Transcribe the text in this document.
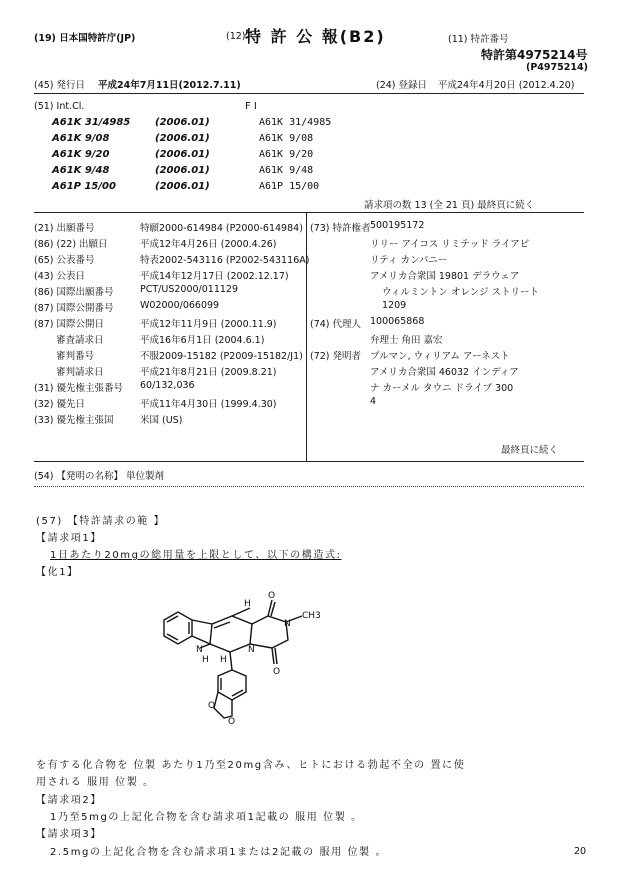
(19) 日本国特許庁(JP)	(12) 特 許 公 報(B2)	(11) 特許番号
特許第4975214号
(P4975214)
(45) 発行日 平成24年7月11日(2012.7.11)	(24) 登録日 平成24年4月20日 (2012.4.20)
(51) Int.Cl.	F I
A61K 31/4985 (2006.01)	A61K 31/4985
A61K 9/08	(2006.01)	A61K 9/08
A61K 9/20	(2006.01)	A61K 9/20
A61K 9/48	(2006.01)	A61K 9/48
A61P 15/00	(2006.01)	A61P 15/00
請求項の数 13 (全 21 頁) 最終頁に続く
(21) 出願番号	特願2000-614984 (P2000-614984)
(86) (22) 出願日	平成12年4月26日 (2000.4.26)
(65) 公表番号	特表2002-543116 (P2002-543116A)
(43) 公表日	平成14年12月17日 (2002.12.17)
(86) 国際出願番号	PCT/US2000/011129
(87) 国際公開番号	W02000/066099
(87) 国際公開日	平成12年11月9日 (2000.11.9)
審査請求日	平成16年6月1日 (2004.6.1)
審判番号	不服2009-15182 (P2009-15182/J1)
審判請求日	平成21年8月21日 (2009.8.21)
(31) 優先権主張番号 60/132,036
(32) 優先日	平成11年4月30日 (1999.4.30)
(33) 優先権主張国	米国 (US)
(73) 特許権者 500195172
リリー アイコス リミテッド ライアビ
リティ カンパニー
アメリカ合衆国 19801 デラウェア
ウィルミントン オレンジ ストリート
1209
(74) 代理人 100065868
弁理士 角田 嘉宏
(72) 発明者 プルマン, ウィリアム アーネスト
アメリカ合衆国 46032 インディア
ナ カーメル タウニ ドライブ 300
4
最終頁に続く
(54) 【発明の名称】 単位製剤
(57) 【特許請求の範 】
【請求項1】
1日あたり20mgの総用量を上限として、以下の構造式:
【化1】
H
O
N
CH3
N
H H
N
O
O
O
を有する化合物を 位製 あたり1乃至20mg含み、ヒトにおける勃起不全の 置に使
用される 服用 位製 。
【請求項2】
1乃至5mgの上記化合物を含む請求項1記載の 服用 位製 。
【請求項3】
2.5mgの上記化合物を含む請求項1または2記載の 服用 位製 。	20
